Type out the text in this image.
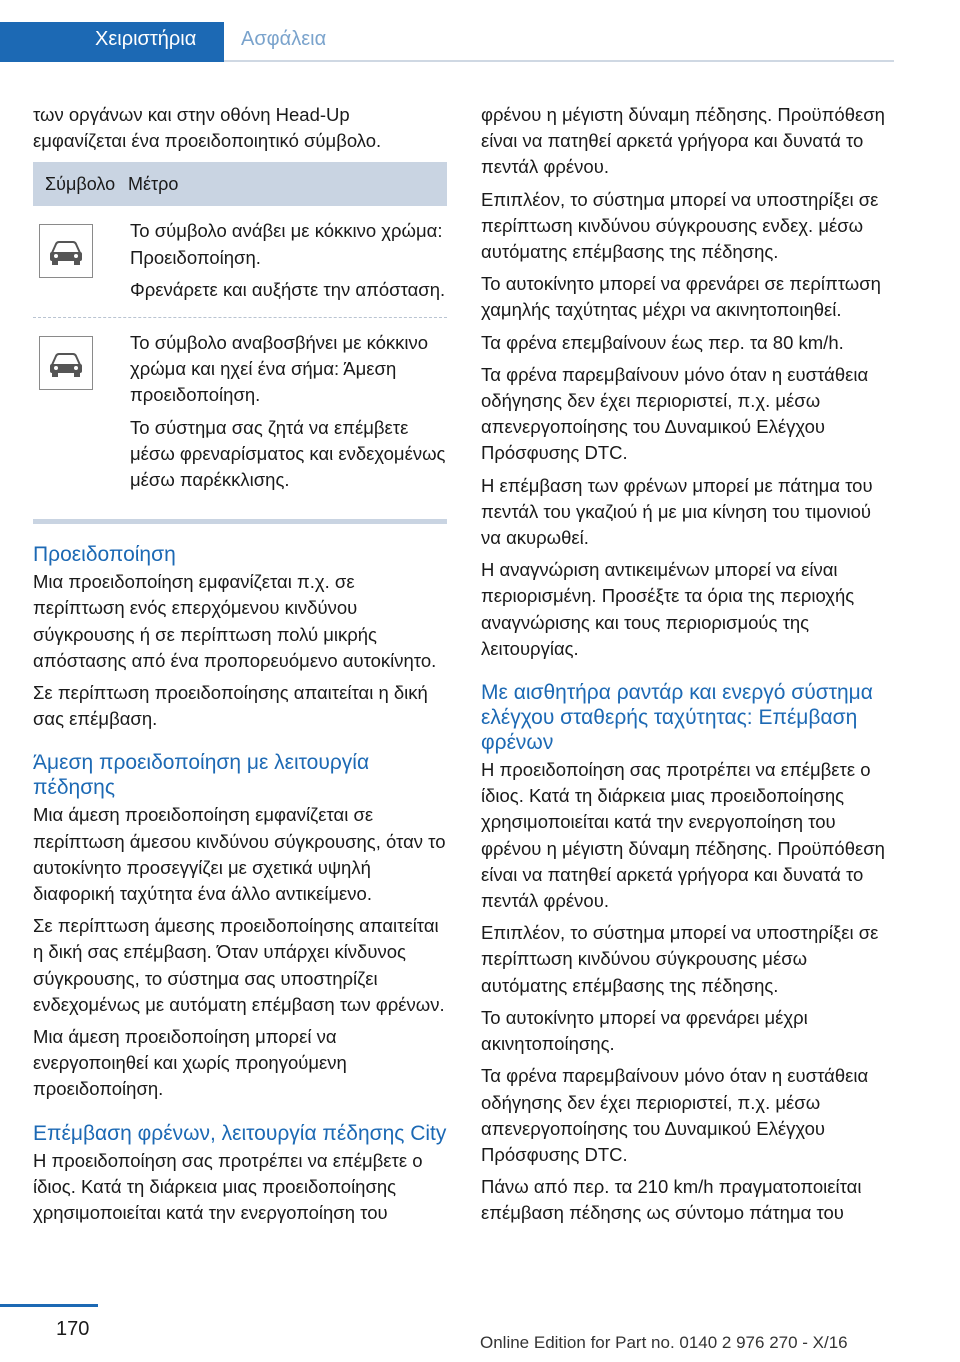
Χειριστήρια Ασφάλεια

των οργάνων και στην οθόνη Head-Up εμφανίζεται ένα προειδοποιητικό σύμβολο.

Σύμβολο Μέτρο

Το σύμβολο ανάβει με κόκκινο χρώμα: Προειδοποίηση.

Φρενάρετε και αυξήστε την απόσταση.

Το σύμβολο αναβοσβήνει με κόκκινο χρώμα και ηχεί ένα σήμα: Άμεση προειδοποίηση.

Το σύστημα σας ζητά να επέμβετε μέσω φρεναρίσματος και ενδεχομένως μέσω παρέκκλισης.

Προειδοποίηση

Μια προειδοποίηση εμφανίζεται π.χ. σε περίπτωση ενός επερχόμενου κινδύνου σύγκρουσης ή σε περίπτωση πολύ μικρής απόστασης από ένα προπορευόμενο αυτοκίνητο.

Σε περίπτωση προειδοποίησης απαιτείται η δική σας επέμβαση.

Άμεση προειδοποίηση με λειτουργία πέδησης

Μια άμεση προειδοποίηση εμφανίζεται σε περίπτωση άμεσου κινδύνου σύγκρουσης, όταν το αυτοκίνητο προσεγγίζει με σχετικά υψηλή διαφορική ταχύτητα ένα άλλο αντικείμενο.

Σε περίπτωση άμεσης προειδοποίησης απαιτείται η δική σας επέμβαση. Όταν υπάρχει κίνδυνος σύγκρουσης, το σύστημα σας υποστηρίζει ενδεχομένως με αυτόματη επέμβαση των φρένων.

Μια άμεση προειδοποίηση μπορεί να ενεργοποιηθεί και χωρίς προηγούμενη προειδοποίηση.

Επέμβαση φρένων, λειτουργία πέδησης City

Η προειδοποίηση σας προτρέπει να επέμβετε ο ίδιος. Κατά τη διάρκεια μιας προειδοποίησης χρησιμοποιείται κατά την ενεργοποίηση του

φρένου η μέγιστη δύναμη πέδησης. Προϋπόθεση είναι να πατηθεί αρκετά γρήγορα και δυνατά το πεντάλ φρένου.

Επιπλέον, το σύστημα μπορεί να υποστηρίξει σε περίπτωση κινδύνου σύγκρουσης ενδεχ. μέσω αυτόματης επέμβασης της πέδησης.

Το αυτοκίνητο μπορεί να φρενάρει σε περίπτωση χαμηλής ταχύτητας μέχρι να ακινητοποιηθεί.

Τα φρένα επεμβαίνουν έως περ. τα 80 km/h.

Τα φρένα παρεμβαίνουν μόνο όταν η ευστάθεια οδήγησης δεν έχει περιοριστεί, π.χ. μέσω απενεργοποίησης του Δυναμικού Ελέγχου Πρόσφυσης DTC.

Η επέμβαση των φρένων μπορεί με πάτημα του πεντάλ του γκαζιού ή με μια κίνηση του τιμονιού να ακυρωθεί.

Η αναγνώριση αντικειμένων μπορεί να είναι περιορισμένη. Προσέξτε τα όρια της περιοχής αναγνώρισης και τους περιορισμούς της λειτουργίας.

Με αισθητήρα ραντάρ και ενεργό σύστημα ελέγχου σταθερής ταχύτητας: Επέμβαση φρένων

Η προειδοποίηση σας προτρέπει να επέμβετε ο ίδιος. Κατά τη διάρκεια μιας προειδοποίησης χρησιμοποιείται κατά την ενεργοποίηση του φρένου η μέγιστη δύναμη πέδησης. Προϋπόθεση είναι να πατηθεί αρκετά γρήγορα και δυνατά το πεντάλ φρένου.

Επιπλέον, το σύστημα μπορεί να υποστηρίξει σε περίπτωση κινδύνου σύγκρουσης μέσω αυτόματης επέμβασης της πέδησης.

Το αυτοκίνητο μπορεί να φρενάρει μέχρι ακινητοποίησης.

Τα φρένα παρεμβαίνουν μόνο όταν η ευστάθεια οδήγησης δεν έχει περιοριστεί, π.χ. μέσω απενεργοποίησης του Δυναμικού Ελέγχου Πρόσφυσης DTC.

Πάνω από περ. τα 210 km/h πραγματοποιείται επέμβαση πέδησης ως σύντομο πάτημα του

170
Online Edition for Part no. 0140 2 976 270 - X/16
